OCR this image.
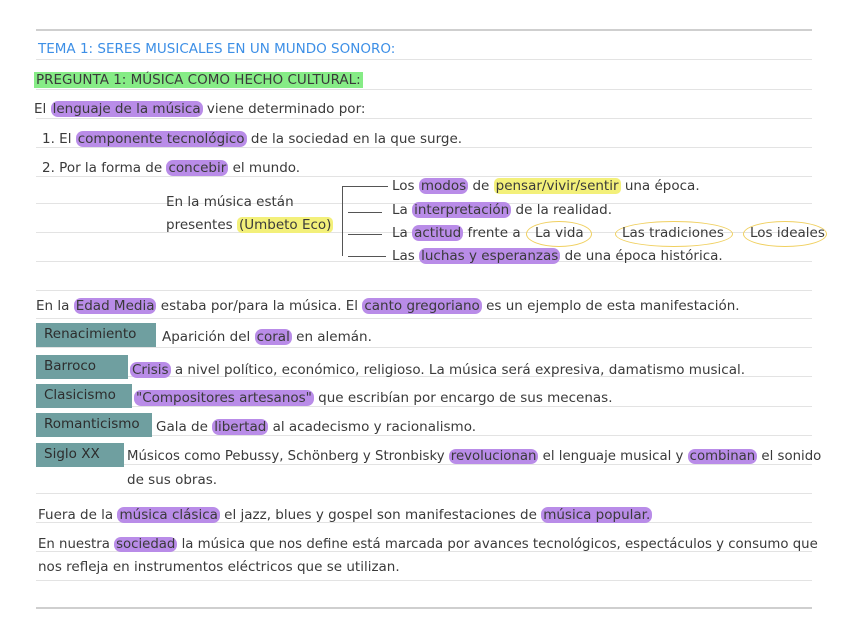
TEMA 1: SERES MUSICALES EN UN MUNDO SONORO:
PREGUNTA 1: MÚSICA COMO HECHO CULTURAL:
El lenguaje de la música viene determinado por:
1. El componente tecnológico de la sociedad en la que surge.
2. Por la forma de concebir el mundo.
En la música están
presentes (Umbeto Eco)
Los modos de pensar/vivir/sentir una época.
La interpretación de la realidad.
La actitud frente a La vida	Las tradiciones Los ideales
Las luchas y esperanzas de una época histórica.
En la Edad Media estaba por/para la música. El canto gregoriano es un ejemplo de esta manifestación.
Renacimiento	Aparición del coral en alemán.
Barroco	Crisis a nivel político, económico, religioso. La música será expresiva, damatismo musical.
Clasicismo	"Compositores artesanos" que escribían por encargo de sus mecenas.
Romanticismo	Gala de libertad al acadecismo y racionalismo.
Siglo XX	Músicos como Pebussy, Schönberg y Stronbisky revolucionan el lenguaje musical y combinan el sonido
de sus obras.
Fuera de la música clásica el jazz, blues y gospel son manifestaciones de música popular.
En nuestra sociedad la música que nos define está marcada por avances tecnológicos, espectáculos y consumo que
nos refleja en instrumentos eléctricos que se utilizan.
